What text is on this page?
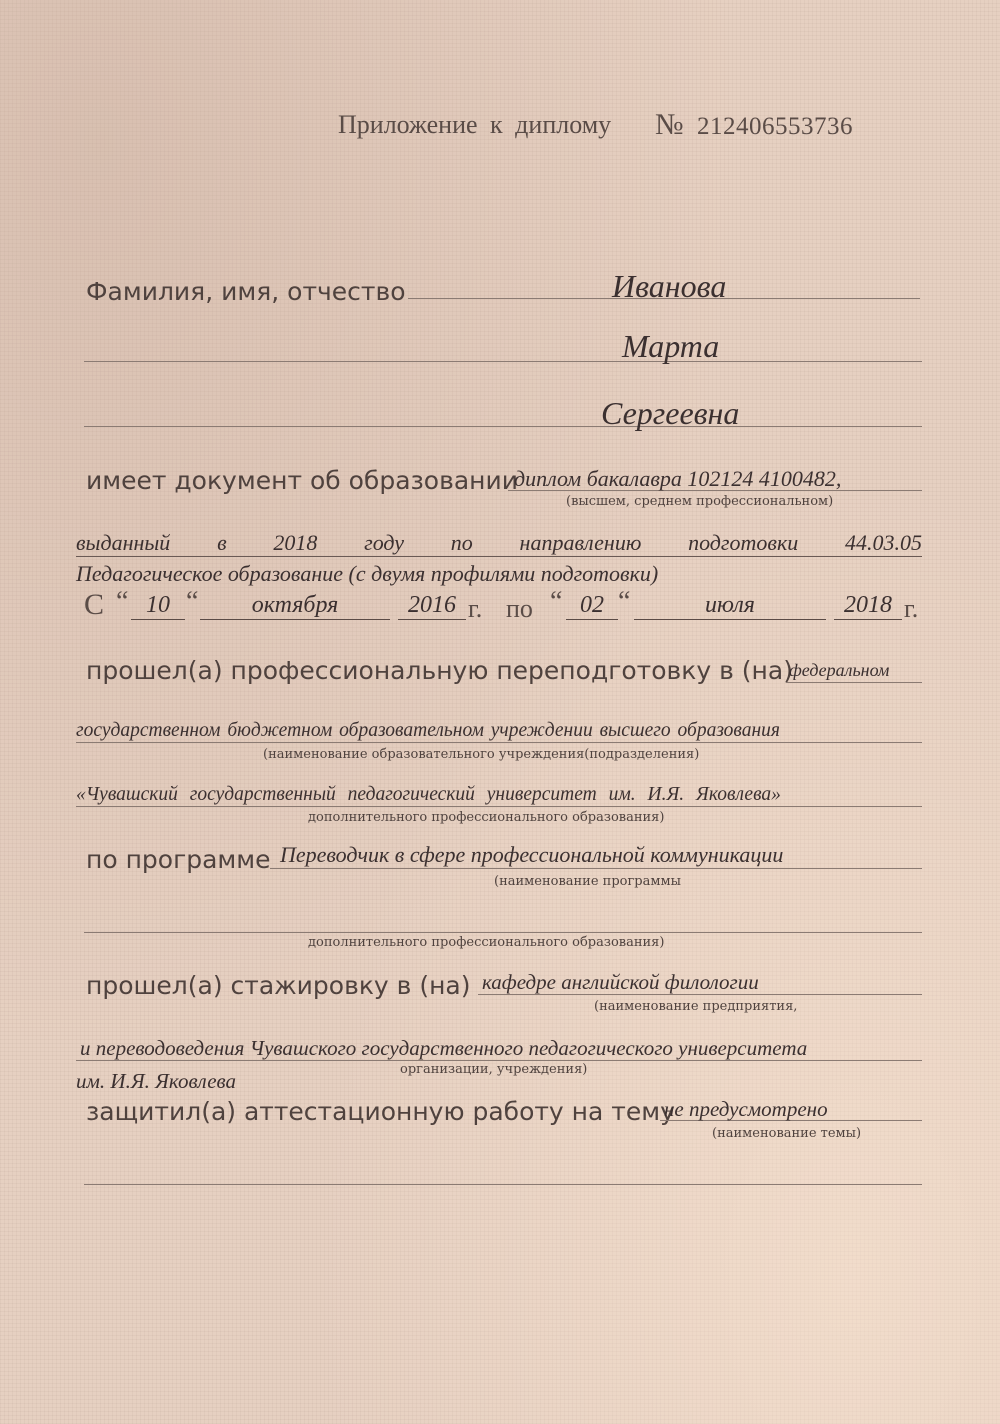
Приложение к диплому № 212406553736
Фамилия, имя, отчество	Иванова
Марта
Сергеевна
имеет документ об образовании
диплом бакалавра 102124 4100482,
(высшем, среднем профессиональном)
выданный в 2018 году по направлению подготовки 44.03.05
Педагогическое образование (с двумя профилями подготовки)
С “ 10 “	октября	2016 г. по “ 02 “	июля	2018 г.
прошел(а) профессиональную переподготовку в (на)
федеральном
государственном бюджетном образовательном учреждении высшего образования
(наименование образовательного учреждения(подразделения)
«Чувашский государственный педагогический университет им. И.Я. Яковлева»
дополнительного профессионального образования)
по программе Переводчик в сфере профессиональной коммуникации
(наименование программы
дополнительного профессионального образования)
прошел(а) стажировку в (на) кафедре английской филологии
(наименование предприятия,
и переводоведения Чувашского государственного педагогического университета
организации, учреждения)
им. И.Я. Яковлева
защитил(а) аттестационную работу на тему
не предусмотрено
(наименование темы)
